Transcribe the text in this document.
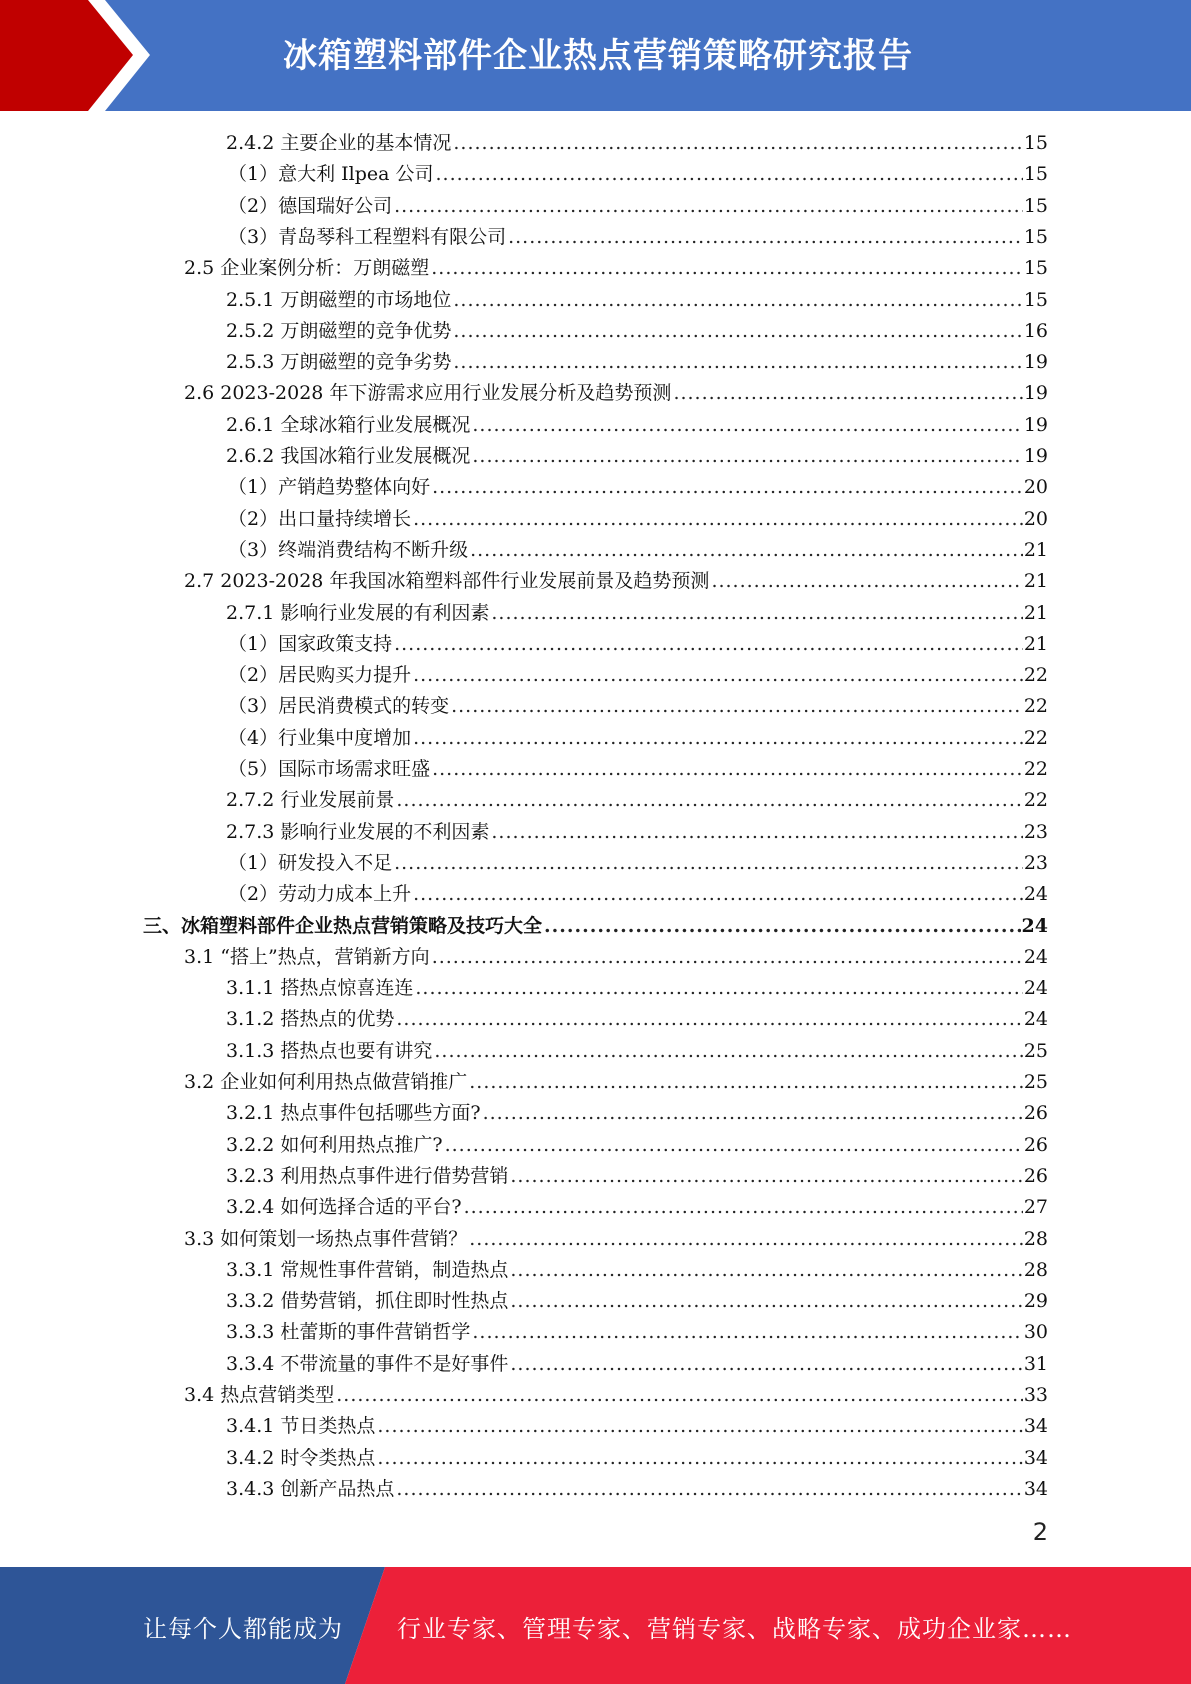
冰箱塑料部件企业热点营销策略研究报告
2.4.2 主要企业的基本情况 .....	15
（1）意大利 Ilpea 公司 .....	15
（2）德国瑞好公司 .....	15
（3）青岛琴科工程塑料有限公司 .....	15
2.5 企业案例分析：万朗磁塑 .....	15
2.5.1 万朗磁塑的市场地位 .....	15
2.5.2 万朗磁塑的竞争优势 .....	16
2.5.3 万朗磁塑的竞争劣势 .....	19
2.6 2023-2028 年下游需求应用行业发展分析及趋势预测 .....	19
2.6.1 全球冰箱行业发展概况 .....	19
2.6.2 我国冰箱行业发展概况 .....	19
（1）产销趋势整体向好 .....	20
（2）出口量持续增长 .....	20
（3）终端消费结构不断升级 .....	21
2.7 2023-2028 年我国冰箱塑料部件行业发展前景及趋势预测 .....	21
2.7.1 影响行业发展的有利因素 .....	21
（1）国家政策支持 .....	21
（2）居民购买力提升 .....	22
（3）居民消费模式的转变 .....	22
（4）行业集中度增加 .....	22
（5）国际市场需求旺盛 .....	22
2.7.2 行业发展前景 .....	22
2.7.3 影响行业发展的不利因素 .....	23
（1）研发投入不足 .....	23
（2）劳动力成本上升 .....	24
三、冰箱塑料部件企业热点营销策略及技巧大全 .....	24
3.1 “搭上”热点，营销新方向 .....	24
3.1.1 搭热点惊喜连连 .....	24
3.1.2 搭热点的优势 .....	24
3.1.3 搭热点也要有讲究 .....	25
3.2 企业如何利用热点做营销推广 .....	25
3.2.1 热点事件包括哪些方面? .....	26
3.2.2 如何利用热点推广? .....	26
3.2.3 利用热点事件进行借势营销 .....	26
3.2.4 如何选择合适的平台? .....	27
3.3 如何策划一场热点事件营销？ .....	28
3.3.1 常规性事件营销，制造热点 .....	28
3.3.2 借势营销，抓住即时性热点 .....	29
3.3.3 杜蕾斯的事件营销哲学 .....	30
3.3.4 不带流量的事件不是好事件 .....	31
3.4 热点营销类型 .....	33
3.4.1 节日类热点 .....	34
3.4.2 时令类热点 .....	34
3.4.3 创新产品热点 .....	34
2
让每个人都能成为 行业专家、管理专家、营销专家、战略专家、成功企业家……
